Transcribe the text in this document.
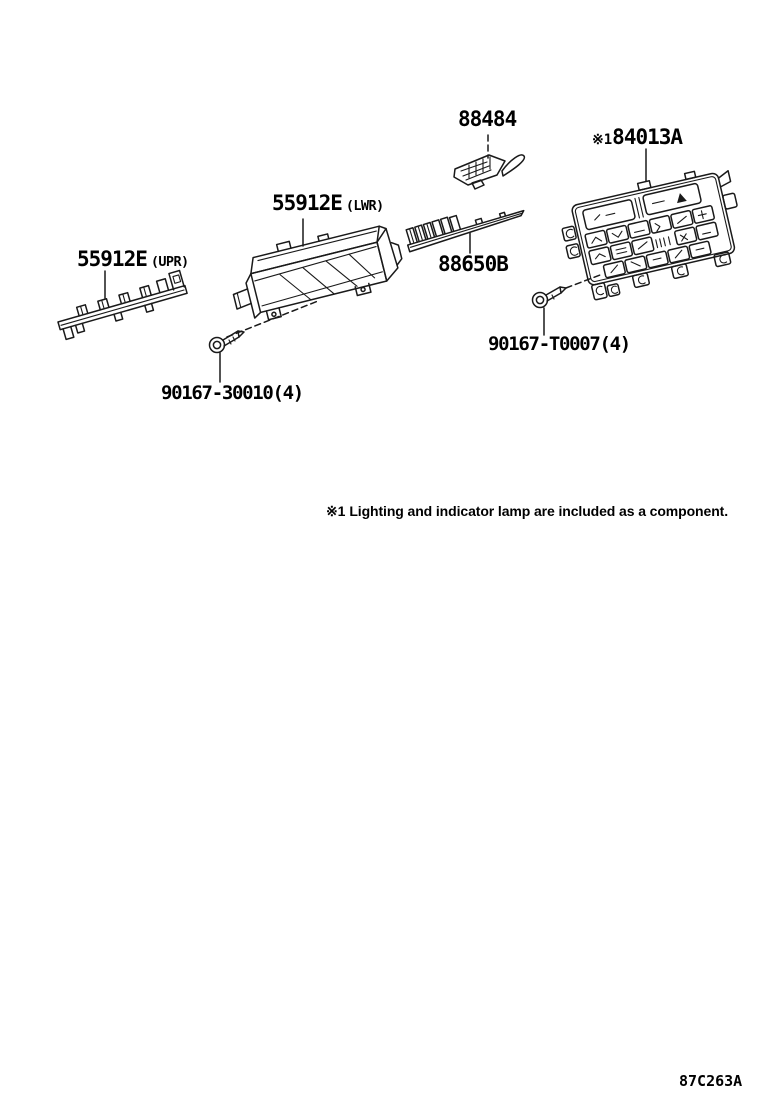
88484
※184013A
55912E (LWR)
55912E (UPR)	88650B
90167-T0007(4)
90167-30010(4)
※1 Lighting and indicator lamp are included as a component.
87C263A
